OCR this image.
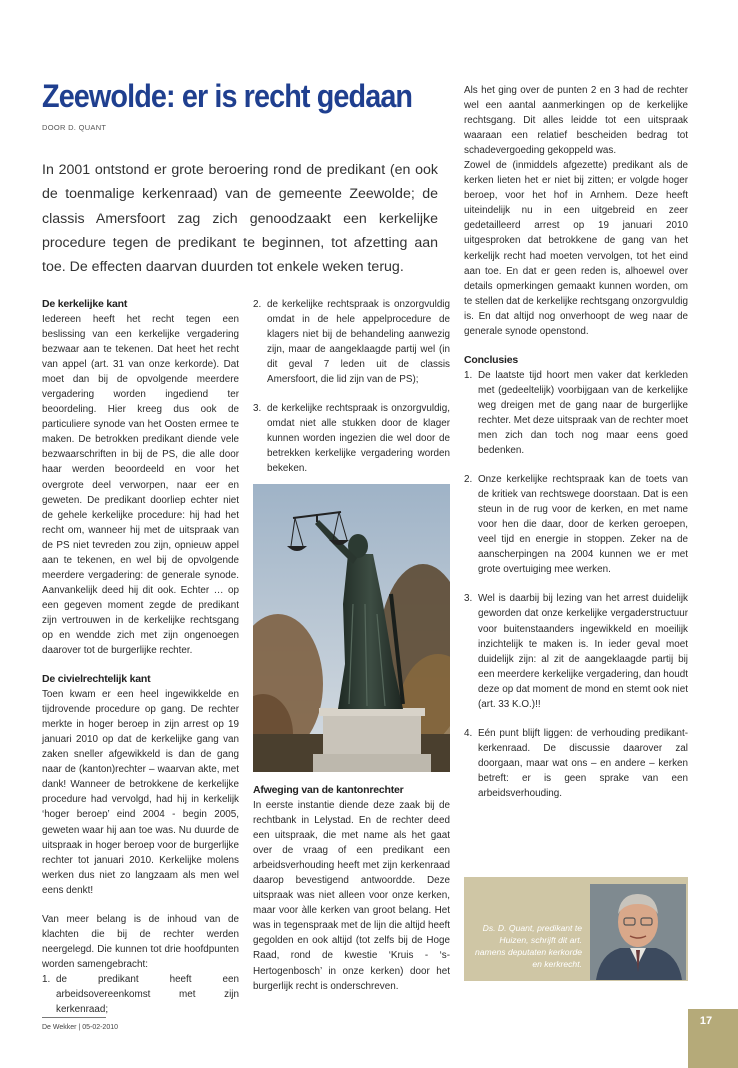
Zeewolde: er is recht gedaan
DOOR D. QUANT
In 2001 ontstond er grote beroering rond de predikant (en ook de toenmalige kerkenraad) van de gemeente Zeewolde; de classis Amersfoort zag zich genoodzaakt een kerkelijke procedure tegen de predikant te beginnen, tot afzetting aan toe. De effecten daarvan duurden tot enkele weken terug.

De kerkelijke kant

Iedereen heeft het recht tegen een beslissing van een kerkelijke vergadering bezwaar aan te tekenen. Dat heet het recht van appel (art. 31 van onze kerkorde). Dat moet dan bij de opvolgende meerdere vergadering worden ingediend ter beoordeling. Hier kreeg dus ook de particuliere synode van het Oosten ermee te maken. De betrokken predikant diende vele bezwaarschriften in bij de PS, die alle door haar werden beoordeeld en voor het overgrote deel verworpen, naar eer en geweten. De predikant doorliep echter niet de gehele kerkelijke procedure: hij had het recht om, wanneer hij met de uitspraak van de PS niet tevreden zou zijn, opnieuw appel aan te tekenen, en wel bij de opvolgende meerdere vergadering: de generale synode. Aanvankelijk deed hij dit ook. Echter … op een gegeven moment zegde de predikant zijn vertrouwen in de kerkelijke rechtsgang op en wendde zich met zijn ongenoegen daarover tot de burgerlijke rechter.

De civielrechtelijk kant

Toen kwam er een heel ingewikkelde en tijdrovende procedure op gang. De rechter merkte in hoger beroep in zijn arrest op 19 januari 2010 op dat de kerkelijke gang van zaken sneller afgewikkeld is dan de gang naar de (kanton)rechter – waarvan akte, met dank! Wanneer de betrokkene de kerkelijke procedure had vervolgd, had hij in kerkelijk ‘hoger beroep’ eind 2004 - begin 2005, geweten waar hij aan toe was. Nu duurde de uitspraak in hoger beroep voor de burgerlijke rechter tot januari 2010. Kerkelijke molens werken dus niet zo langzaam als men wel eens denkt!

Van meer belang is de inhoud van de klachten die bij de rechter werden neergelegd. Die kunnen tot drie hoofdpunten worden samengebracht:

1. de predikant heeft een arbeidsovereenkomst met zijn kerkenraad;
2. de kerkelijke rechtspraak is onzorgvuldig omdat in de hele appelprocedure de klagers niet bij de behandeling aanwezig zijn, maar de aangeklaagde partij wel (in dit geval 7 leden uit de classis Amersfoort, die lid zijn van de PS);
3. de kerkelijke rechtspraak is onzorgvuldig, omdat niet alle stukken door de klager kunnen worden ingezien die wel door de betrekken kerkelijke vergadering worden bekeken.

Afweging van de kantonrechter

In eerste instantie diende deze zaak bij de rechtbank in Lelystad. En de rechter deed een uitspraak, die met name als het gaat over de vraag of een predikant een arbeidsverhouding heeft met zijn kerkenraad daarop bevestigend antwoordde. Deze uitspraak was niet alleen voor onze kerken, maar voor àlle kerken van groot belang. Het was in tegenspraak met de lijn die altijd heeft gegolden en ook altijd (tot zelfs bij de Hoge Raad, rond de kwestie ‘Kruis - ‘s-Hertogenbosch’ in onze kerken) door het burgerlijk recht is onderschreven.

Als het ging over de punten 2 en 3 had de rechter wel een aantal aanmerkingen op de kerkelijke rechtsgang. Dit alles leidde tot een uitspraak waaraan een relatief bescheiden bedrag tot schadevergoeding gekoppeld was.

Zowel de (inmiddels afgezette) predikant als de kerken lieten het er niet bij zitten; er volgde hoger beroep, voor het hof in Arnhem. Deze heeft uiteindelijk nu in een uitgebreid en zeer gedetailleerd arrest op 19 januari 2010 uitgesproken dat betrokkene de gang van het kerkelijk recht had moeten vervolgen, tot het eind aan toe. En dat er geen reden is, alhoewel over details opmerkingen gemaakt kunnen worden, om te stellen dat de kerkelijke rechtsgang onzorgvuldig is. En dat altijd nog onverhoopt de weg naar de generale synode openstond.

Conclusies

1. De laatste tijd hoort men vaker dat kerkleden met (gedeeltelijk) voorbijgaan van de kerkelijke weg dreigen met de gang naar de burgerlijke rechter. Met deze uitspraak van de rechter moet men zich dan toch nog maar eens goed bedenken.
2. Onze kerkelijke rechtspraak kan de toets van de kritiek van rechtswege doorstaan. Dat is een steun in de rug voor de kerken, en met name voor hen die daar, door de kerken geroepen, veel tijd en energie in stoppen. Zeker na de aanscherpingen na 2004 kunnen we er met grote overtuiging mee werken.
3. Wel is daarbij bij lezing van het arrest duidelijk geworden dat onze kerkelijke vergaderstructuur voor buitenstaanders ingewikkeld en moeilijk inzichtelijk te maken is. In ieder geval moet duidelijk zijn: al zit de aangeklaagde partij bij een meerdere kerkelijke vergadering, dan houdt deze op dat moment de mond en stemt ook niet (art. 33 K.O.)!!
4. Eén punt blijft liggen: de verhouding predikant-kerkenraad. De discussie daarover zal doorgaan, maar wat ons – en andere – kerken betreft: er is geen sprake van een arbeidsverhouding.
Ds. D. Quant, predikant te Huizen, schrijft dit art. namens deputaten kerkorde en kerkrecht.
De Wekker | 05-02-2010
17
